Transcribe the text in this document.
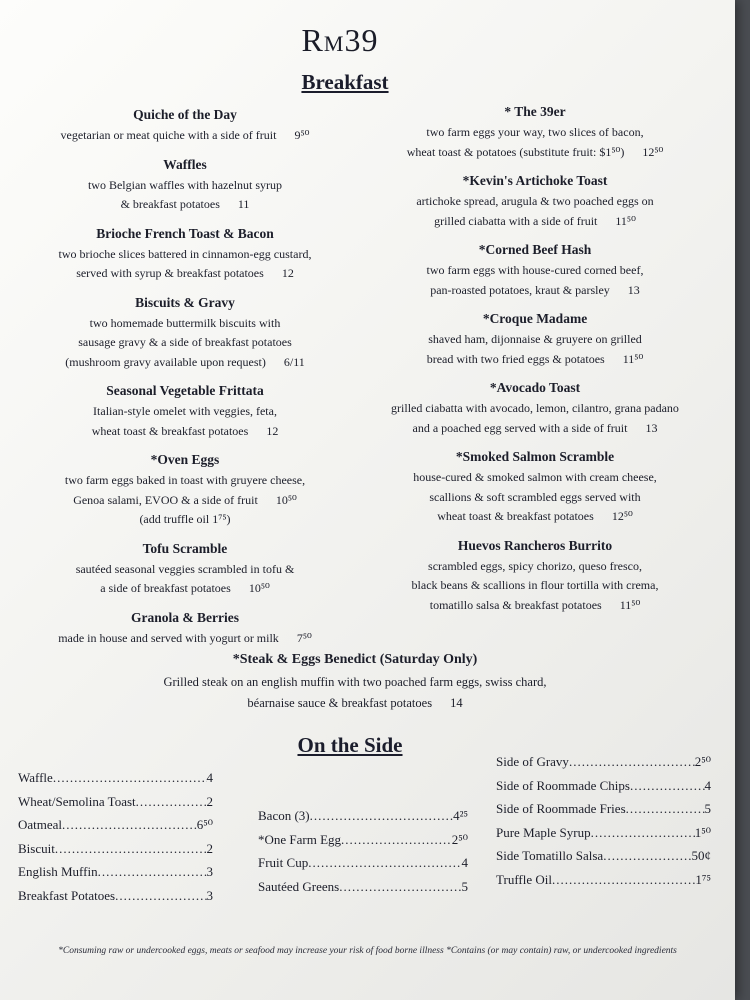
RM39
Breakfast
Quiche of the Day
vegetarian or meat quiche with a side of fruit 9⁵⁰
Waffles
two Belgian waffles with hazelnut syrup
& breakfast potatoes 11
Brioche French Toast & Bacon
two brioche slices battered in cinnamon-egg custard,
served with syrup & breakfast potatoes 12
Biscuits & Gravy
two homemade buttermilk biscuits with
sausage gravy & a side of breakfast potatoes
(mushroom gravy available upon request) 6/11
Seasonal Vegetable Frittata
Italian-style omelet with veggies, feta,
wheat toast & breakfast potatoes 12
*Oven Eggs
two farm eggs baked in toast with gruyere cheese,
Genoa salami, EVOO & a side of fruit 10⁵⁰
(add truffle oil 1⁷⁵)
Tofu Scramble
sautéed seasonal veggies scrambled in tofu &
a side of breakfast potatoes 10⁵⁰
Granola & Berries
made in house and served with yogurt or milk 7⁵⁰
* The 39er
two farm eggs your way, two slices of bacon,
wheat toast & potatoes (substitute fruit: $1⁵⁰) 12⁵⁰
*Kevin's Artichoke Toast
artichoke spread, arugula & two poached eggs on
grilled ciabatta with a side of fruit 11⁵⁰
*Corned Beef Hash
two farm eggs with house-cured corned beef,
pan-roasted potatoes, kraut & parsley 13
*Croque Madame
shaved ham, dijonnaise & gruyere on grilled
bread with two fried eggs & potatoes 11⁵⁰
*Avocado Toast
grilled ciabatta with avocado, lemon, cilantro, grana padano
and a poached egg served with a side of fruit 13
*Smoked Salmon Scramble
house-cured & smoked salmon with cream cheese,
scallions & soft scrambled eggs served with
wheat toast & breakfast potatoes 12⁵⁰
Huevos Rancheros Burrito
scrambled eggs, spicy chorizo, queso fresco,
black beans & scallions in flour tortilla with crema,
tomatillo salsa & breakfast potatoes 11⁵⁰
*Steak & Eggs Benedict (Saturday Only)
Grilled steak on an english muffin with two poached farm eggs, swiss chard,
béarnaise sauce & breakfast potatoes 14
On the Side
Waffle .....	4
Wheat/Semolina Toast .....	2
Oatmeal .....	6⁵⁰
Biscuit .....	2
English Muffin .....	3
Breakfast Potatoes .....	3
Bacon (3) .....	4²⁵
*One Farm Egg .....	2⁵⁰
Fruit Cup .....	4
Sautéed Greens .....	5
Side of Gravy .....	2⁵⁰
Side of Roommade Chips .....	4
Side of Roommade Fries .....	5
Pure Maple Syrup .....	1⁵⁰
Side Tomatillo Salsa .....	50¢
Truffle Oil .....	1⁷⁵
*Consuming raw or undercooked eggs, meats or seafood may increase your risk of food borne illness *Contains (or may contain) raw, or undercooked ingredients
